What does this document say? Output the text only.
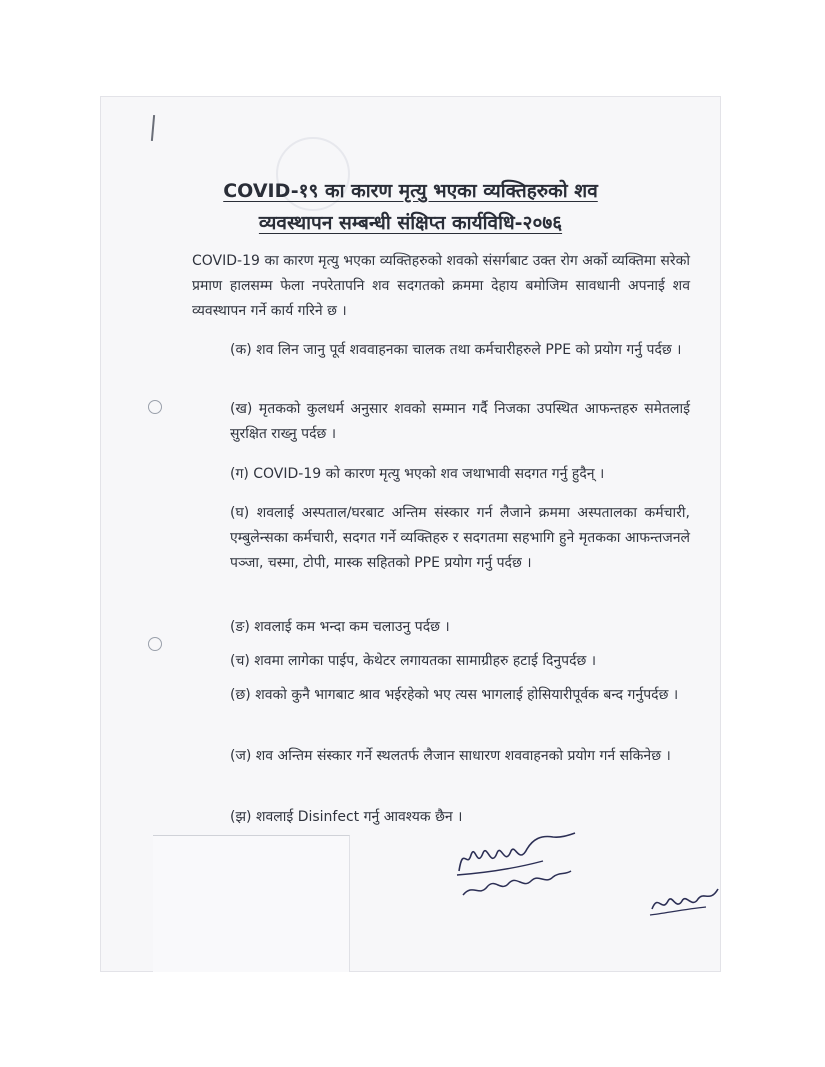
COVID-१९ का कारण मृत्यु भएका व्यक्तिहरुको शव
व्यवस्थापन सम्बन्धी संक्षिप्त कार्यविधि-२०७६

COVID-19 का कारण मृत्यु भएका व्यक्तिहरुको शवको संसर्गबाट उक्त रोग अर्को व्यक्तिमा सरेको प्रमाण हालसम्म फेला नपरेतापनि शव सदगतको क्रममा देहाय बमोजिम सावधानी अपनाई शव व्यवस्थापन गर्ने कार्य गरिने छ ।

(क) शव लिन जानु पूर्व शववाहनका चालक तथा कर्मचारीहरुले PPE को प्रयोग गर्नु पर्दछ ।

(ख) मृतकको कुलधर्म अनुसार शवको सम्मान गर्दै निजका उपस्थित आफन्तहरु समेतलाई सुरक्षित राख्नु पर्दछ ।

(ग) COVID-19 को कारण मृत्यु भएको शव जथाभावी सदगत गर्नु हुदैन् ।

(घ) शवलाई अस्पताल/घरबाट अन्तिम संस्कार गर्न लैजाने क्रममा अस्पतालका कर्मचारी, एम्बुलेन्सका कर्मचारी, सदगत गर्ने व्यक्तिहरु र सदगतमा सहभागि हुने मृतकका आफन्तजनले पञ्जा, चस्मा, टोपी, मास्क सहितको PPE प्रयोग गर्नु पर्दछ ।

(ङ) शवलाई कम भन्दा कम चलाउनु पर्दछ ।

(च) शवमा लागेका पाईप, केथेटर लगायतका सामाग्रीहरु हटाई दिनुपर्दछ ।

(छ) शवको कुनै भागबाट श्राव भईरहेको भए त्यस भागलाई होसियारीपूर्वक बन्द गर्नुपर्दछ ।

(ज) शव अन्तिम संस्कार गर्ने स्थलतर्फ लैजान साधारण शववाहनको प्रयोग गर्न सकिनेछ ।

(झ) शवलाई Disinfect गर्नु आवश्यक छैन ।
